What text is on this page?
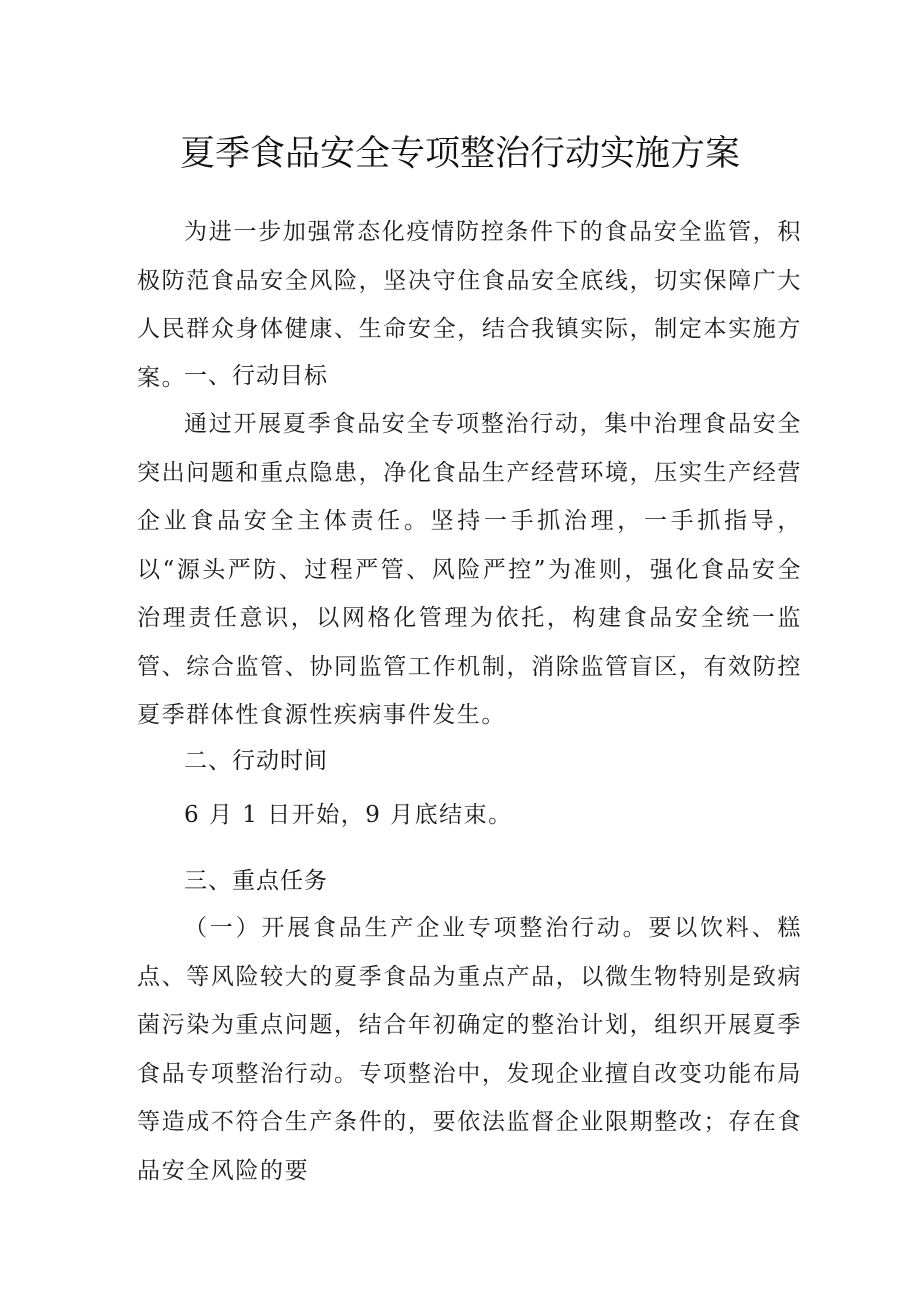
夏季食品安全专项整治行动实施方案

为进一步加强常态化疫情防控条件下的食品安全监管，积极防范食品安全风险，坚决守住食品安全底线，切实保障广大人民群众身体健康、生命安全，结合我镇实际，制定本实施方案。

一、行动目标

通过开展夏季食品安全专项整治行动，集中治理食品安全突出问题和重点隐患，净化食品生产经营环境，压实生产经营企业食品安全主体责任。坚持一手抓治理，一手抓指导，以“源头严防、过程严管、风险严控”为准则，强化食品安全治理责任意识，以网格化管理为依托，构建食品安全统一监管、综合监管、协同监管工作机制，消除监管盲区，有效防控夏季群体性食源性疾病事件发生。

二、行动时间
6 月 1 日开始，9 月底结束。
三、重点任务

（一）开展食品生产企业专项整治行动。要以饮料、糕点、等风险较大的夏季食品为重点产品，以微生物特别是致病菌污染为重点问题，结合年初确定的整治计划，组织开展夏季食品专项整治行动。专项整治中，发现企业擅自改变功能布局等造成不符合生产条件的，要依法监督企业限期整改；存在食品安全风险的要
